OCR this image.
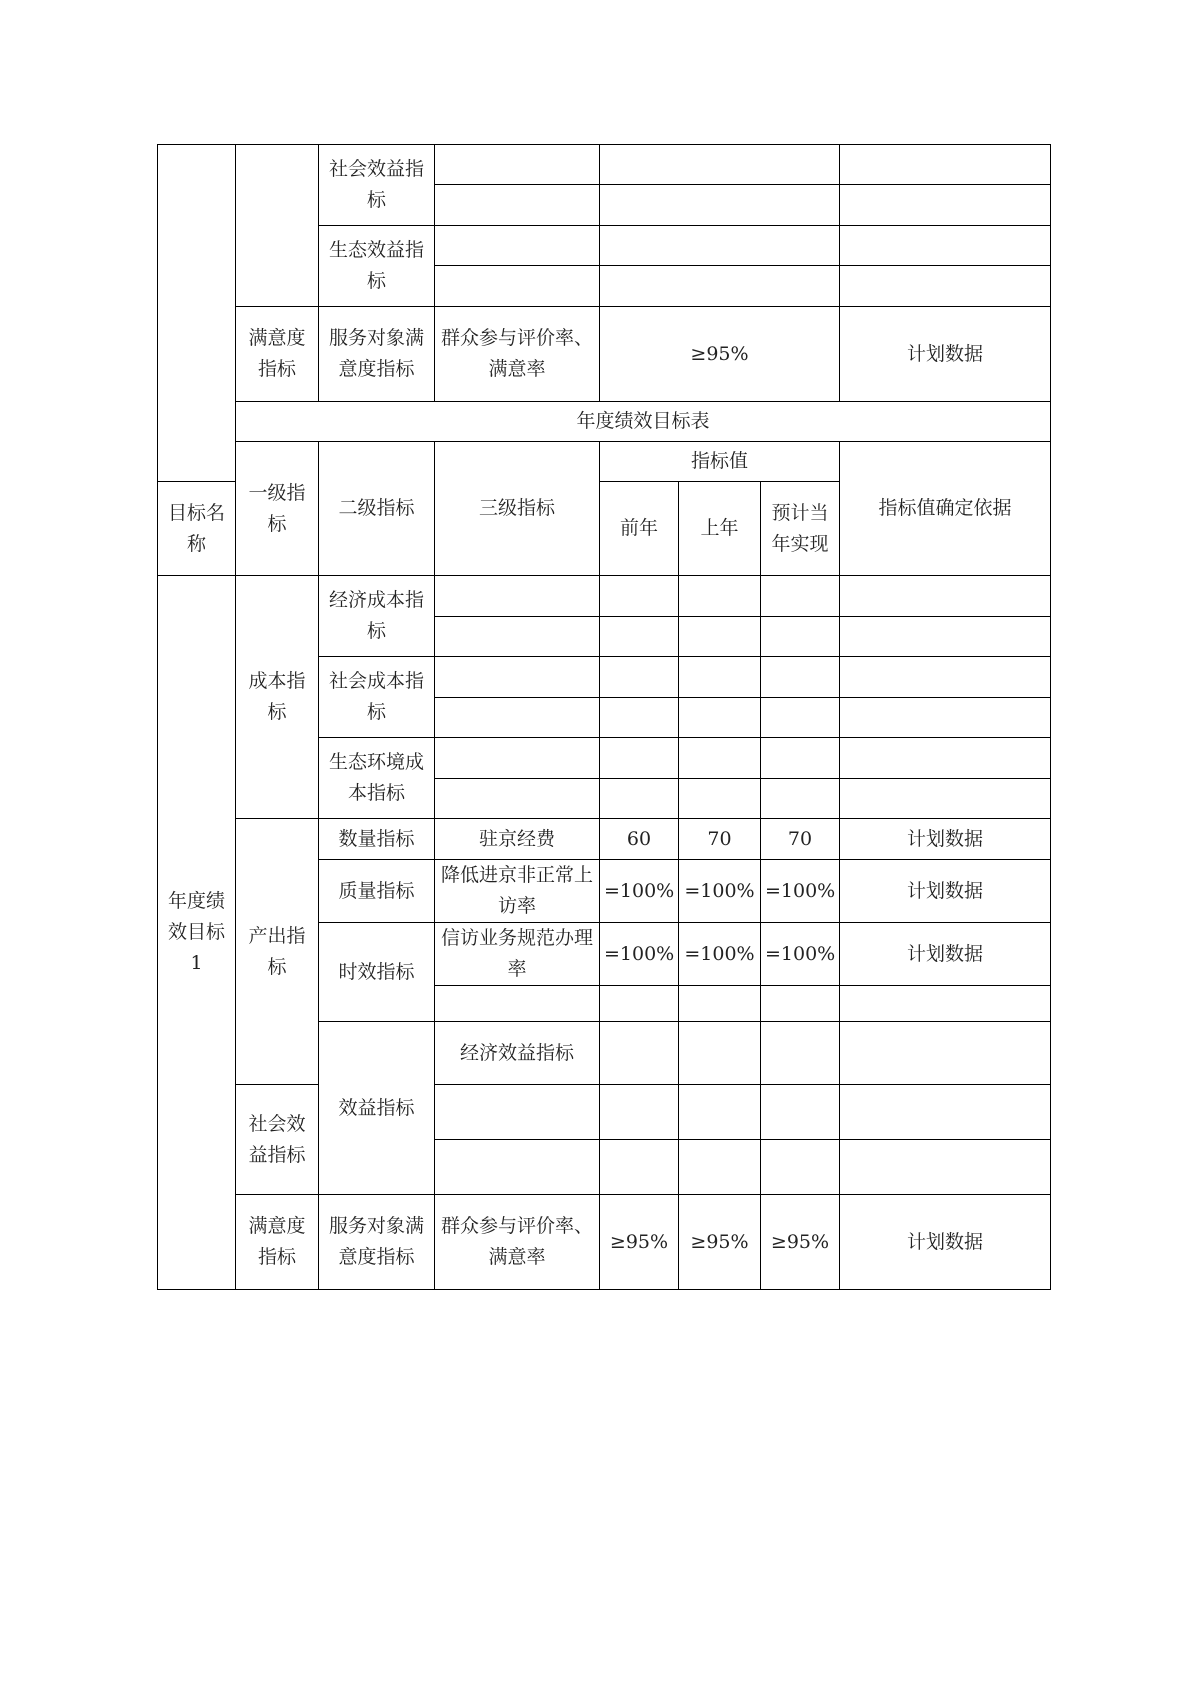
		社会效益指标						

		生态效益指标						

	满意度指标	服务对象满意度指标	群众参与评价率、满意率	≥95%			计划数据	
	年度绩效目标表							
	一级指标	二级指标	三级指标	指标值			指标值确定依据	
目标名称				前年	上年	预计当年实现		
年度绩效目标1	成本指标	经济成本指标						

		社会成本指标						

		生态环境成本指标						

	产出指标	数量指标	驻京经费	60	70	70	计划数据	
		质量指标	降低进京非正常上访率	=100%	=100%	=100%	计划数据	
		时效指标	信访业务规范办理率	=100%	=100%	=100%	计划数据	

		效益指标	经济效益指标					
	社会效益指标							

	满意度指标	服务对象满意度指标	群众参与评价率、满意率	≥95%	≥95%	≥95%	计划数据	
